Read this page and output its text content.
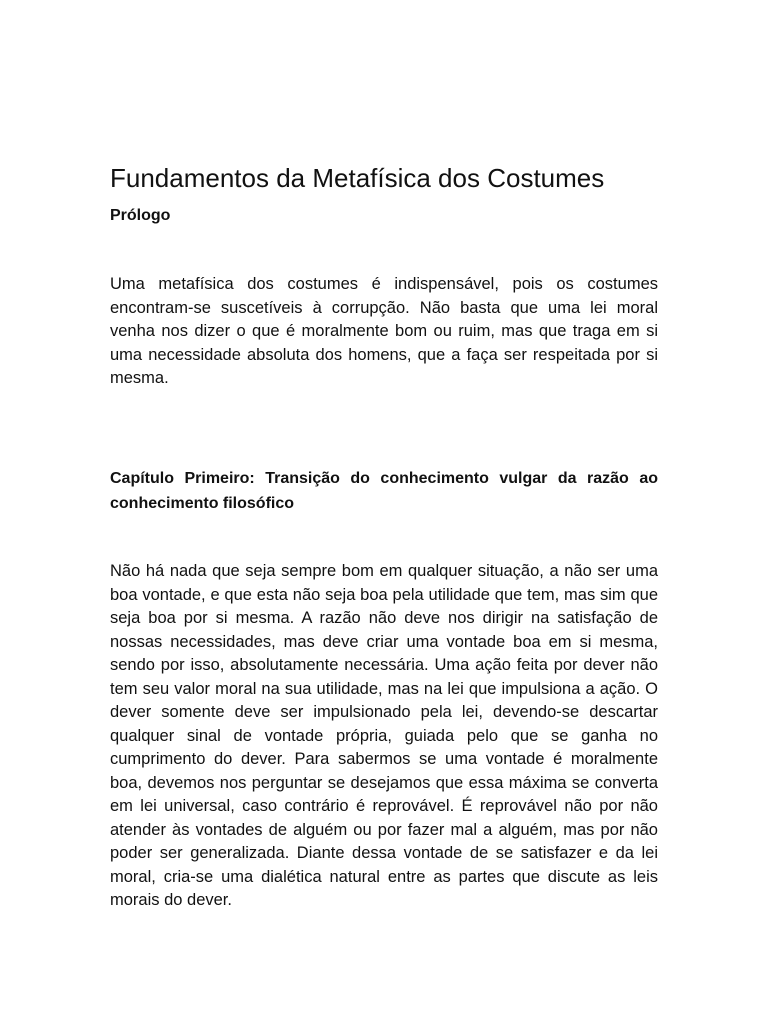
Fundamentos da Metafísica dos Costumes
Prólogo

Uma metafísica dos costumes é indispensável, pois os costumes encontram-se suscetíveis à corrupção. Não basta que uma lei moral venha nos dizer o que é moralmente bom ou ruim, mas que traga em si uma necessidade absoluta dos homens, que a faça ser respeitada por si mesma.

Capítulo Primeiro: Transição do conhecimento vulgar da razão ao conhecimento filosófico

Não há nada que seja sempre bom em qualquer situação, a não ser uma boa vontade, e que esta não seja boa pela utilidade que tem, mas sim que seja boa por si mesma. A razão não deve nos dirigir na satisfação de nossas necessidades, mas deve criar uma vontade boa em si mesma, sendo por isso, absolutamente necessária. Uma ação feita por dever não tem seu valor moral na sua utilidade, mas na lei que impulsiona a ação. O dever somente deve ser impulsionado pela lei, devendo-se descartar qualquer sinal de vontade própria, guiada pelo que se ganha no cumprimento do dever. Para sabermos se uma vontade é moralmente boa, devemos nos perguntar se desejamos que essa máxima se converta em lei universal, caso contrário é reprovável. É reprovável não por não atender às vontades de alguém ou por fazer mal a alguém, mas por não poder ser generalizada. Diante dessa vontade de se satisfazer e da lei moral, cria-se uma dialética natural entre as partes que discute as leis morais do dever.
